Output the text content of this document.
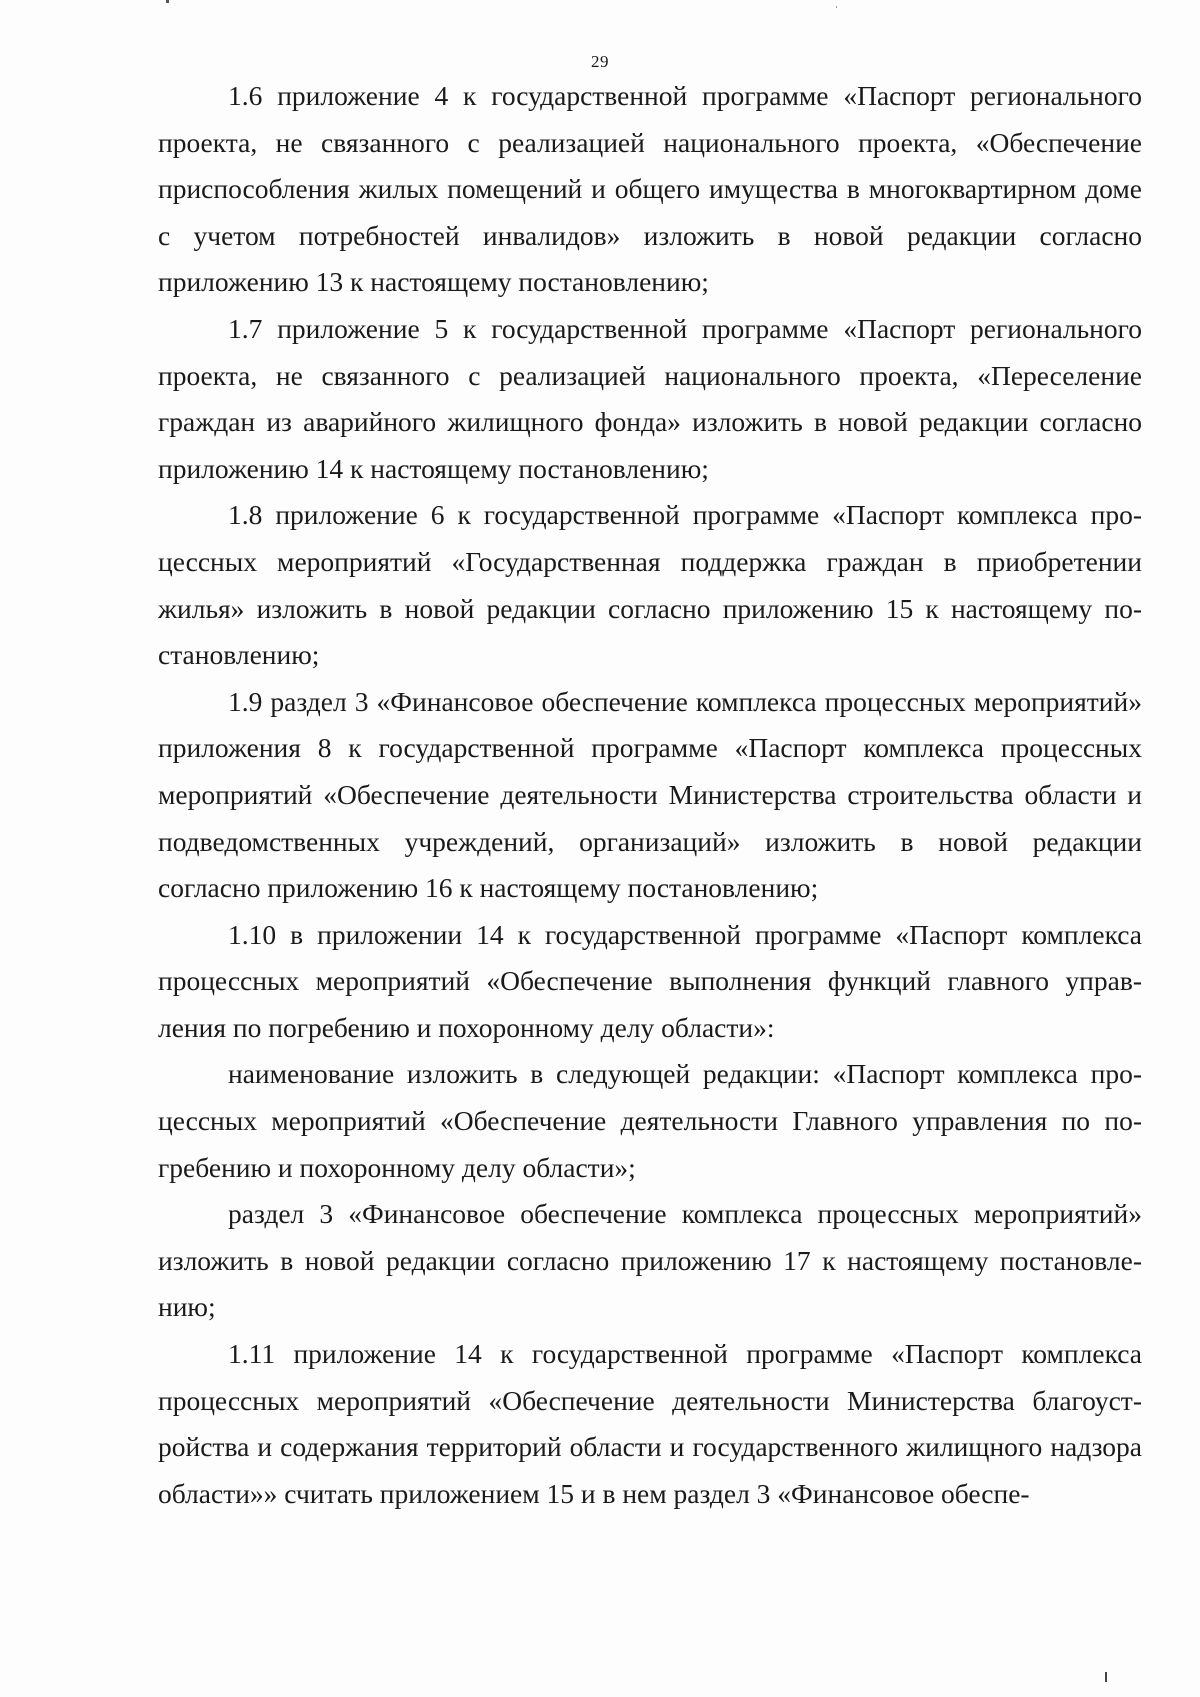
29

1.6 приложение 4 к государственной программе «Паспорт регионального проекта, не связанного с реализацией национального проекта, «Обеспечение приспособления жилых помещений и общего имущества в многоквартирном доме с учетом потребностей инвалидов» изложить в новой редакции согласно приложению 13 к настоящему постановлению;

1.7 приложение 5 к государственной программе «Паспорт регионального проекта, не связанного с реализацией национального проекта, «Переселение граждан из аварийного жилищного фонда» изложить в новой редакции согласно приложению 14 к настоящему постановлению;

1.8 приложение 6 к государственной программе «Паспорт комплекса процессных мероприятий «Государственная поддержка граждан в приобретении жилья» изложить в новой редакции согласно приложению 15 к настоящему постановлению;

1.9 раздел 3 «Финансовое обеспечение комплекса процессных мероприятий» приложения 8 к государственной программе «Паспорт комплекса процессных мероприятий «Обеспечение деятельности Министерства строительства области и подведомственных учреждений, организаций» изложить в новой редакции согласно приложению 16 к настоящему постановлению;

1.10 в приложении 14 к государственной программе «Паспорт комплекса процессных мероприятий «Обеспечение выполнения функций главного управления по погребению и похоронному делу области»:

наименование изложить в следующей редакции: «Паспорт комплекса процессных мероприятий «Обеспечение деятельности Главного управления по погребению и похоронному делу области»;

раздел 3 «Финансовое обеспечение комплекса процессных мероприятий» изложить в новой редакции согласно приложению 17 к настоящему постановлению;

1.11 приложение 14 к государственной программе «Паспорт комплекса процессных мероприятий «Обеспечение деятельности Министерства благоустройства и содержания территорий области и государственного жилищного надзора области»» считать приложением 15 и в нем раздел 3 «Финансовое обеспе-
